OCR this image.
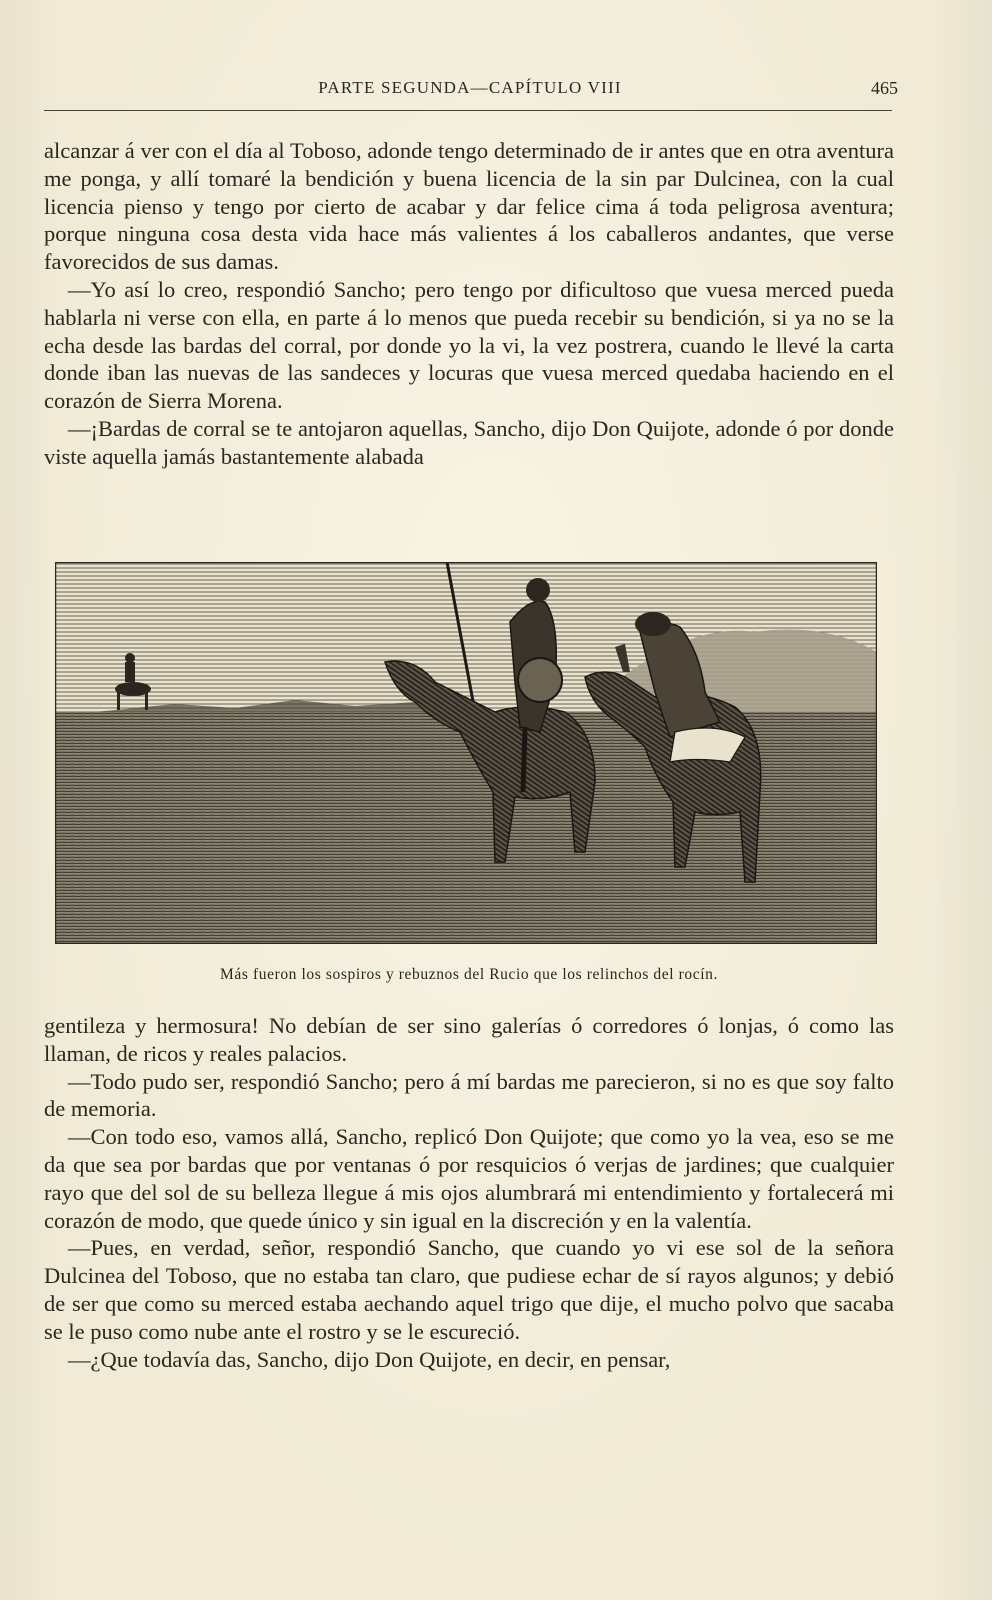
PARTE SEGUNDA—CAPÍTULO VIII	465

alcanzar á ver con el día al Toboso, adonde tengo determinado de ir antes que en otra aventura me ponga, y allí tomaré la bendición y buena licencia de la sin par Dulcinea, con la cual licencia pienso y tengo por cierto de acabar y dar felice cima á toda peligrosa aventura; porque ninguna cosa desta vida hace más valientes á los caballeros andantes, que verse favorecidos de sus damas.

—Yo así lo creo, respondió Sancho; pero tengo por dificultoso que vuesa merced pueda hablarla ni verse con ella, en parte á lo menos que pueda recebir su bendición, si ya no se la echa desde las bardas del corral, por donde yo la vi, la vez postrera, cuando le llevé la carta donde iban las nuevas de las sandeces y locuras que vuesa merced quedaba haciendo en el corazón de Sierra Morena.

—¡Bardas de corral se te antojaron aquellas, Sancho, dijo Don Quijote, adonde ó por donde viste aquella jamás bastantemente alabada

Más fueron los sospiros y rebuznos del Rucio que los relinchos del rocín.

gentileza y hermosura! No debían de ser sino galerías ó corredores ó lonjas, ó como las llaman, de ricos y reales palacios.

—Todo pudo ser, respondió Sancho; pero á mí bardas me parecieron, si no es que soy falto de memoria.

—Con todo eso, vamos allá, Sancho, replicó Don Quijote; que como yo la vea, eso se me da que sea por bardas que por ventanas ó por resquicios ó verjas de jardines; que cualquier rayo que del sol de su belleza llegue á mis ojos alumbrará mi entendimiento y fortalecerá mi corazón de modo, que quede único y sin igual en la discreción y en la valentía.

—Pues, en verdad, señor, respondió Sancho, que cuando yo vi ese sol de la señora Dulcinea del Toboso, que no estaba tan claro, que pudiese echar de sí rayos algunos; y debió de ser que como su merced estaba aechando aquel trigo que dije, el mucho polvo que sacaba se le puso como nube ante el rostro y se le escureció.

—¿Que todavía das, Sancho, dijo Don Quijote, en decir, en pensar,
